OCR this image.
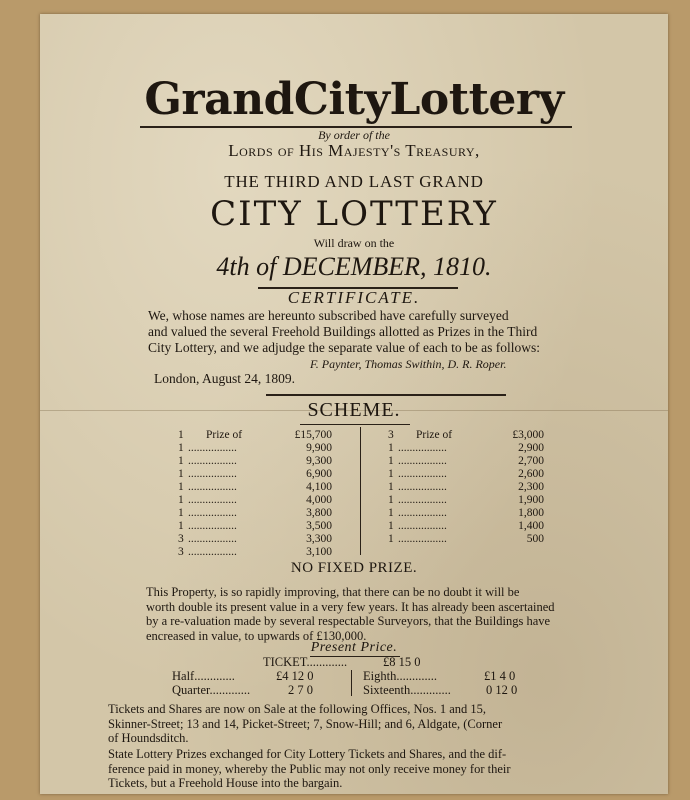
GrandCityLottery
By order of the
Lords of His Majesty's Treasury,
THE THIRD AND LAST GRAND
CITY LOTTERY
Will draw on the
4th of DECEMBER, 1810.
CERTIFICATE.
We, whose names are hereunto subscribed have carefully surveyed
and valued the several Freehold Buildings allotted as Prizes in the Third
City Lottery, and we adjudge the separate value of each to be as follows:
F. Paynter, Thomas Swithin, D. R. Roper.
London, August 24, 1809.
SCHEME.
1 Prize of	£15,700
1 .................	9,900
1 .................	9,300
1 .................	6,900
1 .................	4,100
1 .................	4,000
1 .................	3,800
1 .................	3,500
3 .................	3,300
3 .................	3,100
3 Prize of	£3,000
1 .................	2,900
1 .................	2,700
1 .................	2,600
1 .................	2,300
1 .................	1,900
1 .................	1,800
1 .................	1,400
1 .................	500
NO FIXED PRIZE.
This Property, is so rapidly improving, that there can be no doubt it will be
worth double its present value in a very few years. It has already been ascertained
by a re-valuation made by several respectable Surveyors, that the Buildings have
encreased in value, to upwards of £130,000.
Present Price.
TICKET.............	£8 15 0
Half.............	£4 12 0
Quarter.............	2 7 0
Eighth.............	£1 4 0
Sixteenth.............	0 12 0
Tickets and Shares are now on Sale at the following Offices, Nos. 1 and 15,
Skinner-Street; 13 and 14, Picket-Street; 7, Snow-Hill; and 6, Aldgate, (Corner
of Houndsditch.
State Lottery Prizes exchanged for City Lottery Tickets and Shares, and the dif-
ference paid in money, whereby the Public may not only receive money for their
Tickets, but a Freehold House into the bargain.
